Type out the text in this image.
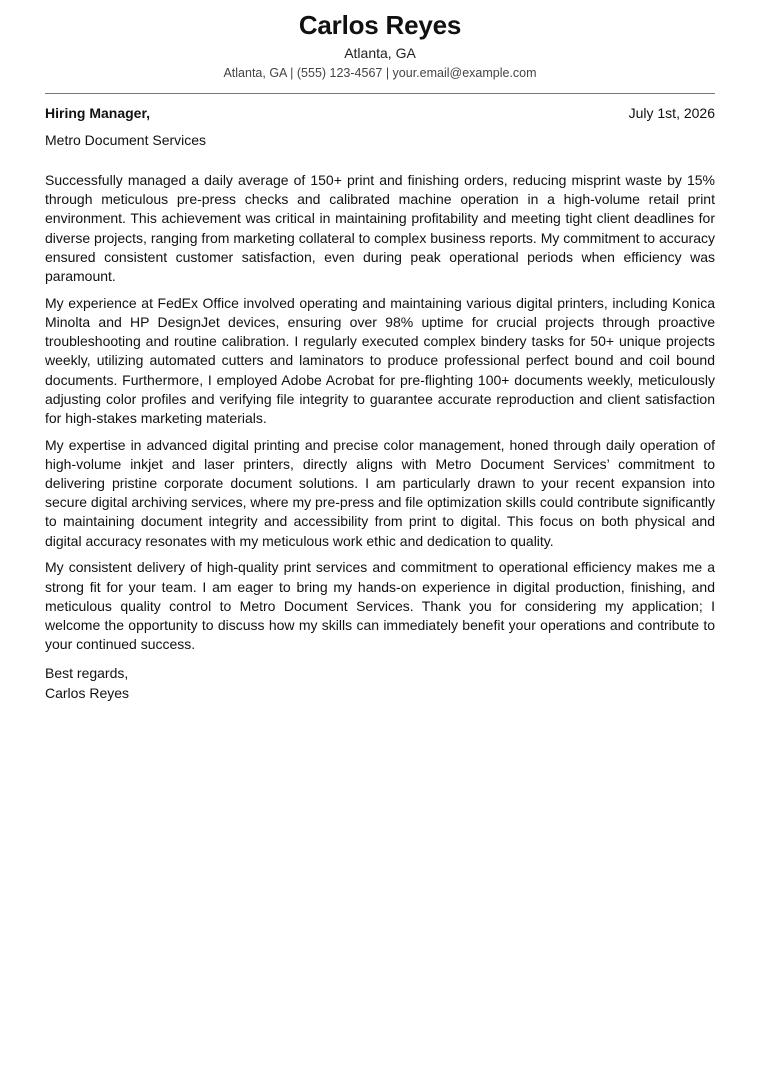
Carlos Reyes
Atlanta, GA
Atlanta, GA | (555) 123-4567 | your.email@example.com
Hiring Manager,	July 1st, 2026
Metro Document Services

Successfully managed a daily average of 150+ print and finishing orders, reducing misprint waste by 15% through meticulous pre-press checks and calibrated machine operation in a high-volume retail print environment. This achievement was critical in maintaining profitability and meeting tight client deadlines for diverse projects, ranging from marketing collateral to complex business reports. My commitment to accuracy ensured consistent customer satisfaction, even during peak operational periods when efficiency was paramount.

My experience at FedEx Office involved operating and maintaining various digital printers, including Konica Minolta and HP DesignJet devices, ensuring over 98% uptime for crucial projects through proactive troubleshooting and routine calibration. I regularly executed complex bindery tasks for 50+ unique projects weekly, utilizing automated cutters and laminators to produce professional perfect bound and coil bound documents. Furthermore, I employed Adobe Acrobat for pre-flighting 100+ documents weekly, meticulously adjusting color profiles and verifying file integrity to guarantee accurate reproduction and client satisfaction for high-stakes marketing materials.

My expertise in advanced digital printing and precise color management, honed through daily operation of high-volume inkjet and laser printers, directly aligns with Metro Document Services’ commitment to delivering pristine corporate document solutions. I am particularly drawn to your recent expansion into secure digital archiving services, where my pre-press and file optimization skills could contribute significantly to maintaining document integrity and accessibility from print to digital. This focus on both physical and digital accuracy resonates with my meticulous work ethic and dedication to quality.

My consistent delivery of high-quality print services and commitment to operational efficiency makes me a strong fit for your team. I am eager to bring my hands-on experience in digital production, finishing, and meticulous quality control to Metro Document Services. Thank you for considering my application; I welcome the opportunity to discuss how my skills can immediately benefit your operations and contribute to your continued success.

Best regards,
Carlos Reyes
